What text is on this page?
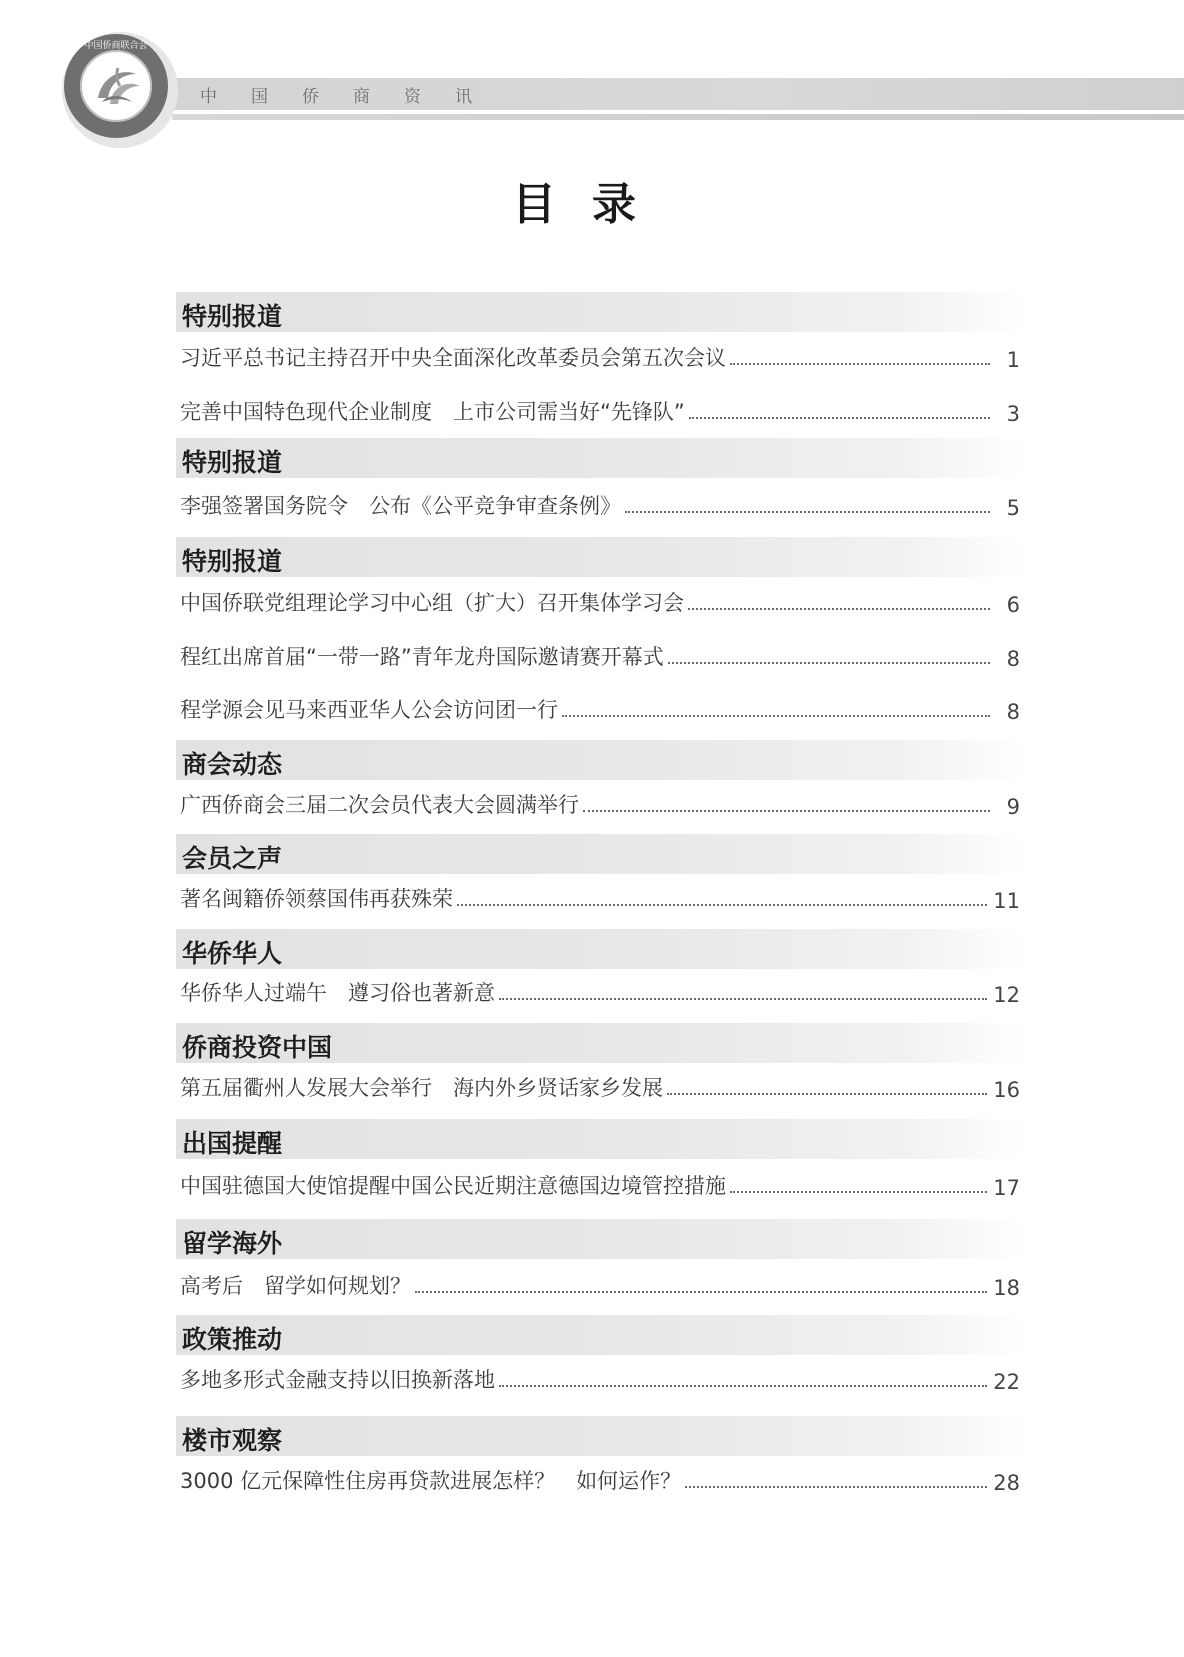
中国侨商资讯
中国侨商联合会
目录
特别报道
习近平总书记主持召开中央全面深化改革委员会第五次会议	1
完善中国特色现代企业制度　上市公司需当好“先锋队”	3
特别报道
李强签署国务院令　公布《公平竞争审查条例》	5
特别报道
中国侨联党组理论学习中心组（扩大）召开集体学习会	6
程红出席首届“一带一路”青年龙舟国际邀请赛开幕式	8
程学源会见马来西亚华人公会访问团一行	8
商会动态
广西侨商会三届二次会员代表大会圆满举行	9
会员之声
著名闽籍侨领蔡国伟再获殊荣	11
华侨华人
华侨华人过端午　遵习俗也著新意	12
侨商投资中国
第五届衢州人发展大会举行　海内外乡贤话家乡发展	16
出国提醒
中国驻德国大使馆提醒中国公民近期注意德国边境管控措施	17
留学海外
高考后　留学如何规划？	18
政策推动
多地多形式金融支持以旧换新落地	22
楼市观察
3000 亿元保障性住房再贷款进展怎样？　如何运作？	28
